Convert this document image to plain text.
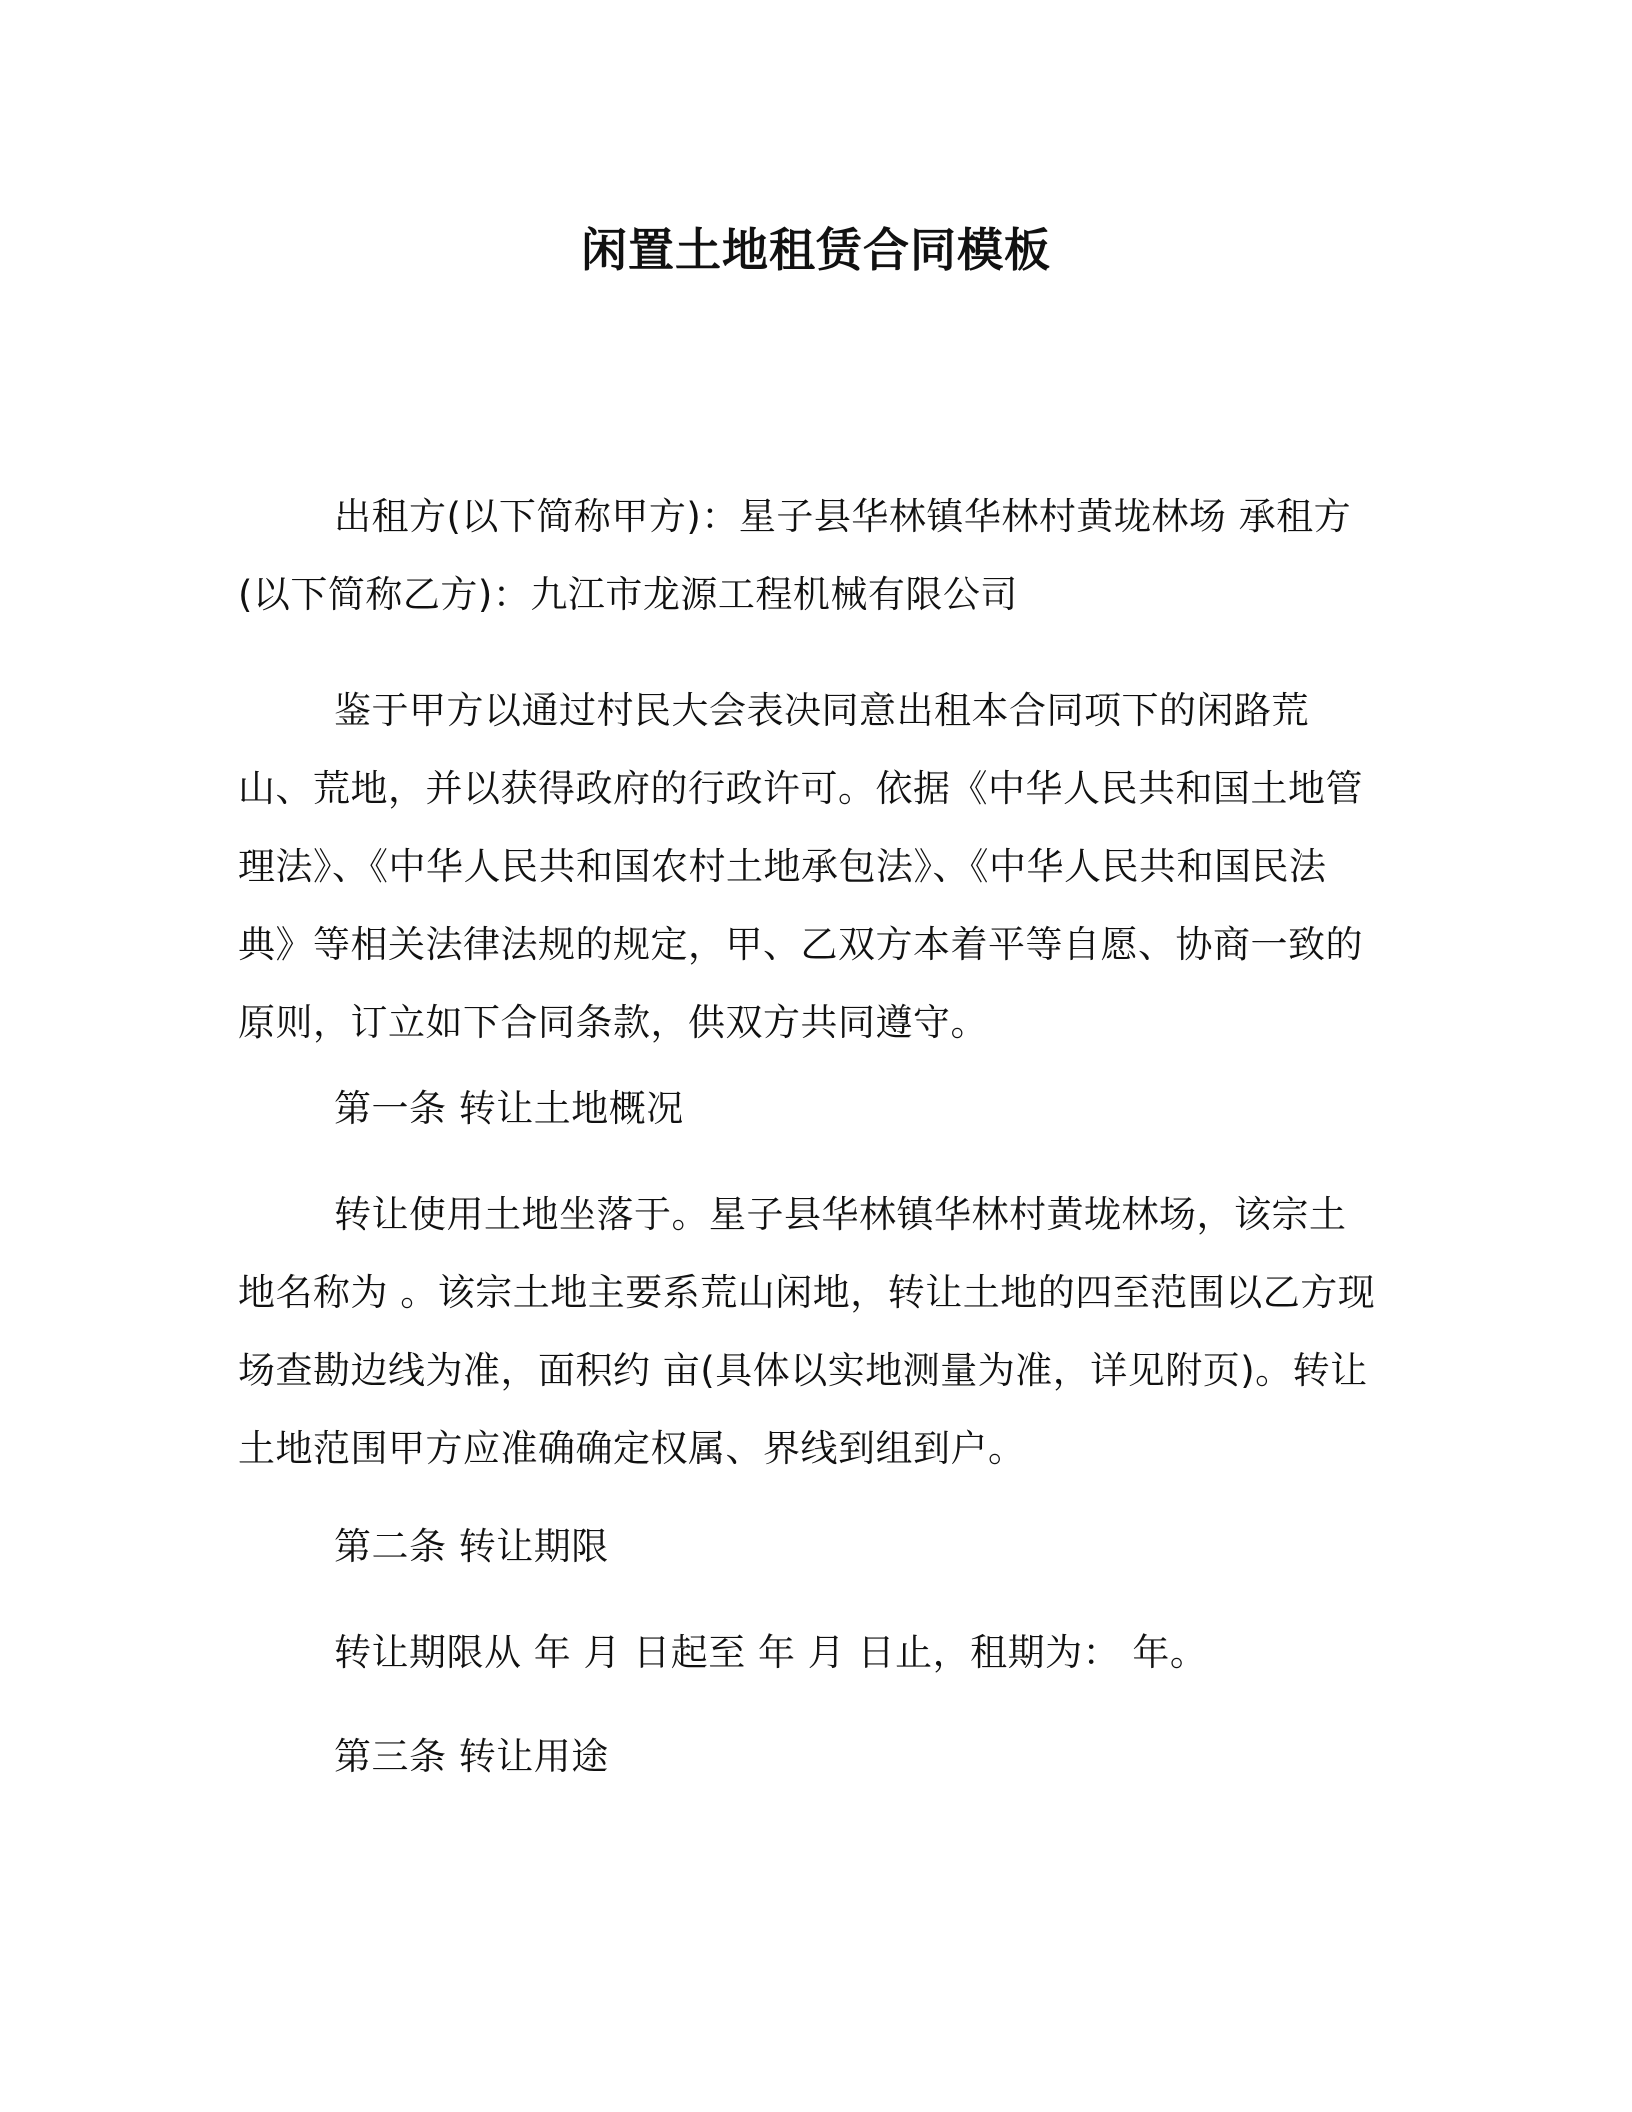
闲置土地租赁合同模板

出租方(以下简称甲方)：星子县华林镇华林村黄垅林场 承租方(以下简称乙方)：九江市龙源工程机械有限公司

鉴于甲方以通过村民大会表决同意出租本合同项下的闲路荒山、荒地，并以获得政府的行政许可。依据《中华人民共和国土地管理法》、《中华人民共和国农村土地承包法》、《中华人民共和国民法典》等相关法律法规的规定，甲、乙双方本着平等自愿、协商一致的原则，订立如下合同条款，供双方共同遵守。

第一条 转让土地概况

转让使用土地坐落于。星子县华林镇华林村黄垅林场，该宗土地名称为 。该宗土地主要系荒山闲地，转让土地的四至范围以乙方现场查勘边线为准，面积约 亩(具体以实地测量为准，详见附页)。转让土地范围甲方应准确确定权属、界线到组到户。

第二条 转让期限

转让期限从 年 月 日起至 年 月 日止，租期为： 年。

第三条 转让用途
